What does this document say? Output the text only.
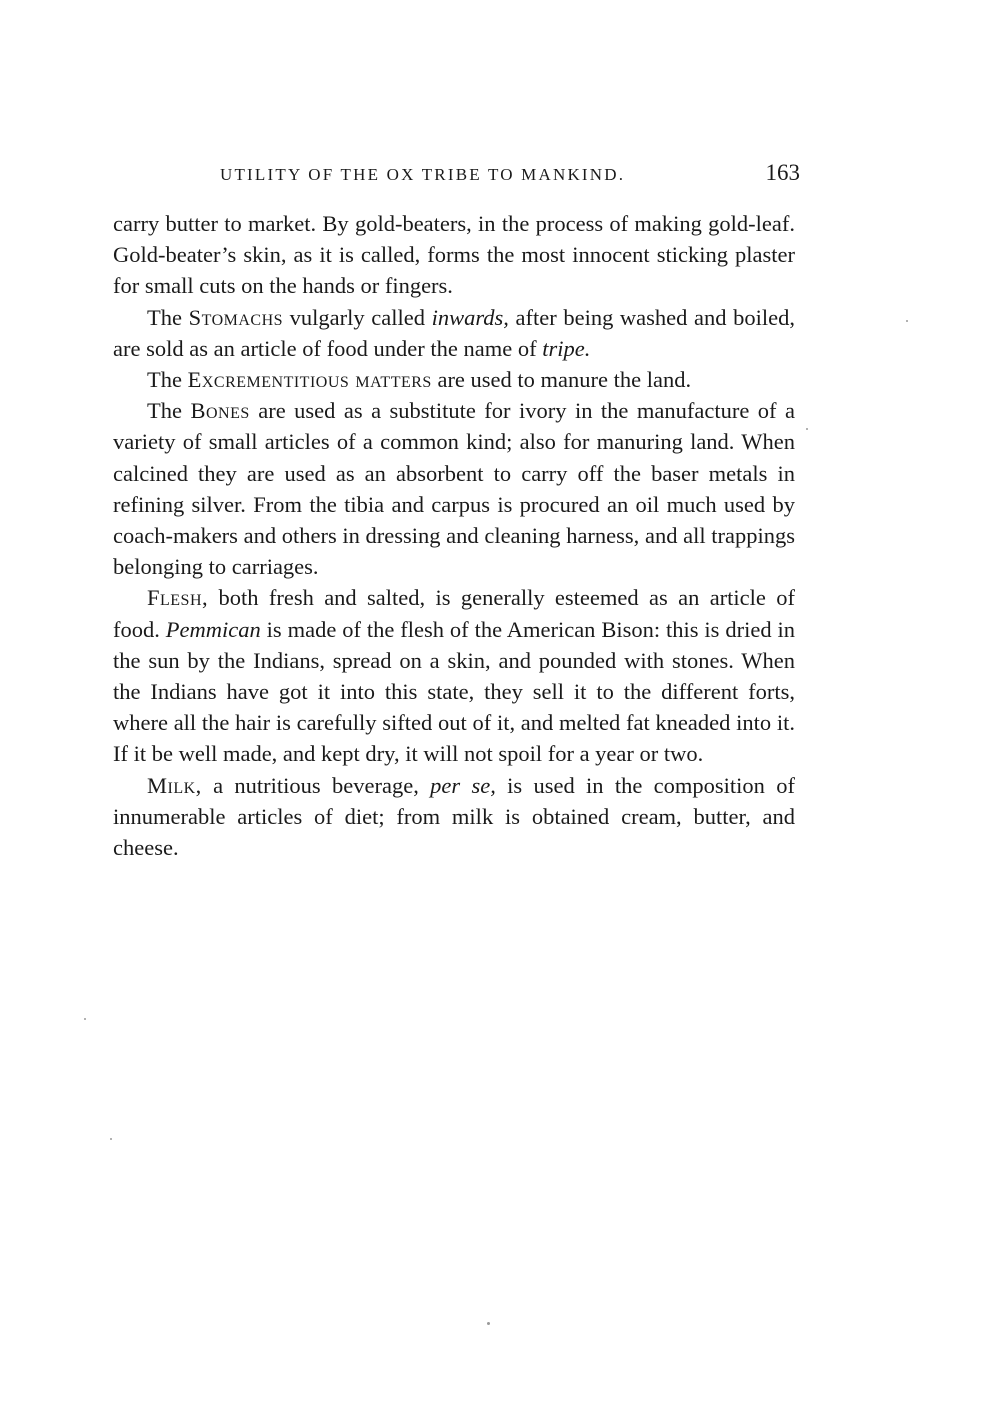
UTILITY OF THE OX TRIBE TO MANKIND.	163

carry butter to market. By gold-beaters, in the process of making gold-leaf. Gold-beater’s skin, as it is called, forms the most innocent sticking plaster for small cuts on the hands or fingers.

The Stomachs vulgarly called inwards, after being washed and boiled, are sold as an article of food under the name of tripe.

The Excrementitious matters are used to manure the land.

The Bones are used as a substitute for ivory in the manufacture of a variety of small articles of a common kind; also for manuring land. When calcined they are used as an absorbent to carry off the baser metals in refining silver. From the tibia and carpus is procured an oil much used by coach-makers and others in dressing and cleaning harness, and all trappings belonging to carriages.

Flesh, both fresh and salted, is generally esteemed as an article of food. Pemmican is made of the flesh of the American Bison: this is dried in the sun by the Indians, spread on a skin, and pounded with stones. When the Indians have got it into this state, they sell it to the different forts, where all the hair is carefully sifted out of it, and melted fat kneaded into it. If it be well made, and kept dry, it will not spoil for a year or two.

Milk, a nutritious beverage, per se, is used in the composition of innumerable articles of diet; from milk is obtained cream, butter, and cheese.
